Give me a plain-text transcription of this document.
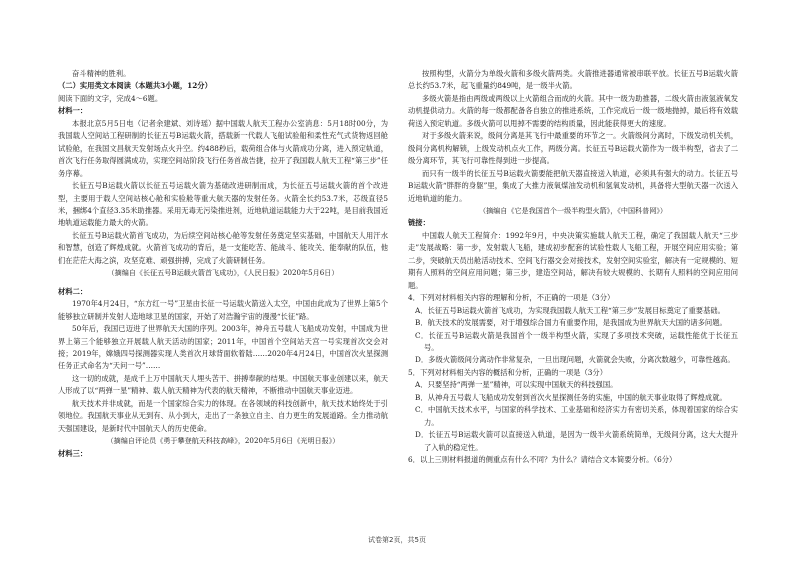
奋斗精神的胜利。

（二）实用类文本阅读（本题共3小题，12分）

阅读下面的文字，完成4～6题。

材料一：

本报北京5月5日电（记者余建斌、刘诗瑶）据中国载人航天工程办公室消息：5月18时00分，为我国载人空间站工程研制的长征五号B运载火箭，搭载新一代载人飞船试验船和柔性充气式货物返回舱试验舱，在我国文昌航天发射场点火升空。约488秒后，载荷组合体与火箭成功分离，进入预定轨道，首次飞行任务取得圆满成功，实现空间站阶段飞行任务首战告捷，拉开了我国载人航天工程“第三步”任务序幕。

长征五号B运载火箭以长征五号运载火箭为基础改进研制而成，为长征五号运载火箭的首个改进型，主要用于载人空间站核心舱和实验舱等重大航天器的发射任务。火箭全长约53.7米，芯级直径5米，捆绑4个直径3.35米助推器。采用无毒无污染推进剂，近地轨道运载能力大于22吨，是目前我国近地轨道运载能力最大的火箭。

长征五号B运载火箭首飞成功，为后续空间站核心舱等发射任务奠定坚实基础，中国航天人用汗水和智慧，创造了辉煌成就。火箭首飞成功的背后，是一支能吃苦、能战斗、能攻关、能奉献的队伍，他们在茫茫大海之滨，攻坚克难、顽强拼搏，完成了火箭研制任务。

（摘编自《长征五号B运载火箭首飞成功》，《人民日报》2020年5月6日）

材料二：

1970年4月24日，“东方红一号”卫星由长征一号运载火箭送入太空，中国由此成为了世界上第5个能够独立研制并发射人造地球卫星的国家，开始了对浩瀚宇宙的漫漫“长征”路。

50年后，我国已迈进了世界航天大国的序列。2003年，神舟五号载人飞船成功发射，中国成为世界上第三个能够独立开展载人航天活动的国家；2011年，中国首个空间站天宫一号实现首次交会对接；2019年，嫦娥四号探测器实现人类首次月球背面软着陆……2020年4月24日，中国首次火星探测任务正式命名为“天问一号”……

这一切的成就，是成千上万中国航天人埋头苦干、拼搏奉献的结果。中国航天事业创建以来，航天人形成了以“两弹一星”精神、载人航天精神为代表的航天精神，不断推动中国航天事业迈进。

航天技术并非成就，而是一个国家综合实力的体现。在各领域的科技创新中，航天技术始终处于引领地位。我国航天事业从无到有、从小到大，走出了一条独立自主、自力更生的发展道路。全力推动航天强国建设，是新时代中国航天人的历史使命。

（摘编自评论员《勇于攀登航天科技高峰》，2020年5月6日《光明日报》）

材料三：

按照构型，火箭分为单级火箭和多级火箭两类。火箭推进器通常被串联平放。长征五号B运载火箭总长约53.7米，起飞重量约849吨，是一级半火箭。

多级火箭是指由两级或两级以上火箭组合而成的火箭。其中一级为助推器，二级火箭由液氢液氧发动机提供动力。火箭的每一级都配备各自独立的推进系统，工作完成后一级一级地抛掉，最后将有效载荷送入预定轨道。多级火箭可以甩掉不需要的结构质量，因此能获得更大的速度。

对于多级火箭来说，级间分离是其飞行中最重要的环节之一。火箭级间分离时，下级发动机关机，级间分离机构解锁，上级发动机点火工作，两级分离。长征五号B运载火箭作为一级半构型，省去了二级分离环节，其飞行可靠性得到进一步提高。

而只有一级半的长征五号B运载火箭要能把航天器直接送入轨道，必须具有强大的动力。长征五号B运载火箭“胖胖的身躯”里，集成了大推力液氧煤油发动机和氢氧发动机，具备将大型航天器一次送入近地轨道的能力。

（摘编自《它是我国首个一级半构型火箭》，《中国科普网》）

链接：

中国载人航天工程简介：1992年9月，中央决策实施载人航天工程，确定了我国载人航天“三步走”发展战略：第一步，发射载人飞船，建成初步配套的试验性载人飞船工程，开展空间应用实验；第二步，突破航天员出舱活动技术、空间飞行器交会对接技术，发射空间实验室，解决有一定规模的、短期有人照料的空间应用问题；第三步，建造空间站，解决有较大规模的、长期有人照料的空间应用问题。

4．下列对材料相关内容的理解和分析，不正确的一项是（3分）

A．长征五号B运载火箭首飞成功，为实现我国载人航天工程“第三步”发展目标奠定了重要基础。

B．航天技术的发展需要，对于增强综合国力有重要作用，是我国成为世界航天大国的诸多问题。

C．长征五号B运载火箭是我国首个一级半构型火箭，实现了多项技术突破，运载性能优于长征五号。

D．多级火箭级间分离动作非常复杂，一旦出现问题，火箭就会失败，分离次数越少，可靠性越高。

5．下列对材料相关内容的概括和分析，正确的一项是（3分）

A．只要坚持“两弹一星”精神，可以实现中国航天的科技强国。

B．从神舟五号载人飞船成功发射到首次火星探测任务的实施，中国的航天事业取得了辉煌成就。

C．中国航天技术水平，与国家的科学技术、工业基础和经济实力有密切关系，体现着国家的综合实力。

D．长征五号B运载火箭可以直接送入轨道，是因为一级半火箭系统简单，无级间分离，这大大提升了入轨的稳定性。

6．以上三则材料报道的侧重点有什么不同？为什么？请结合文本简要分析。（6分）

试卷第2页，共5页
